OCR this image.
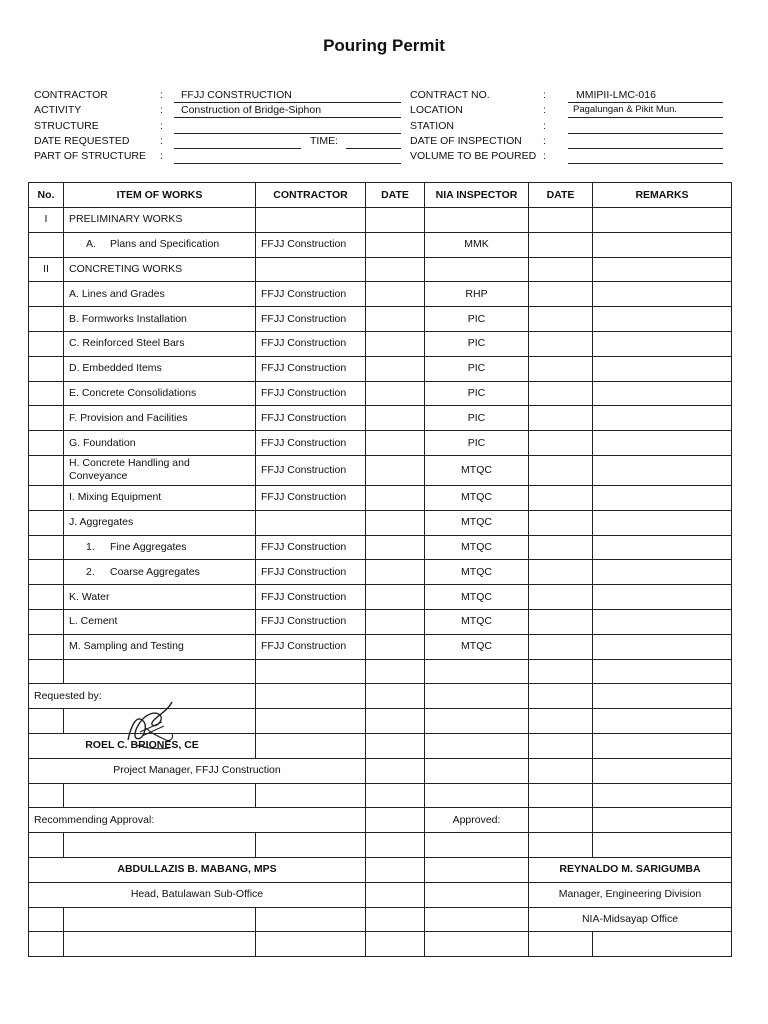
Pouring Permit
CONTRACTOR	: FFJJ CONSTRUCTION
ACTIVITY	: Construction of Bridge-Siphon
STRUCTURE	:
DATE REQUESTED	:	TIME:
PART OF STRUCTURE :
CONTRACT NO.	:	MMIPII-LMC-016
LOCATION	:	Pagalungan & Pikit Mun.
STATION	:
DATE OF INSPECTION :
VOLUME TO BE POURED :
No.	ITEM OF WORKS	CONTRACTOR	DATE	NIA INSPECTOR	DATE	REMARKS
I	PRELIMINARY WORKS					
	A. Plans and Specification	FFJJ Construction		MMK		
II	CONCRETING WORKS					
	A. Lines and Grades	FFJJ Construction		RHP		
	B. Formworks Installation	FFJJ Construction		PIC		
	C. Reinforced Steel Bars	FFJJ Construction		PIC		
	D. Embedded Items	FFJJ Construction		PIC		
	E. Concrete Consolidations	FFJJ Construction		PIC		
	F. Provision and Facilities	FFJJ Construction		PIC		
	G. Foundation	FFJJ Construction		PIC		
	H. Concrete Handling and Conveyance	FFJJ Construction		MTQC		
	I. Mixing Equipment	FFJJ Construction		MTQC		
	J. Aggregates			MTQC		
	1. Fine Aggregates	FFJJ Construction		MTQC		
	2. Coarse Aggregates	FFJJ Construction		MTQC		
	K. Water	FFJJ Construction		MTQC		
	L. Cement	FFJJ Construction		MTQC		
	M. Sampling and Testing	FFJJ Construction		MTQC		

Requested by:						

ROEL C. BRIONES, CE						
Project Manager, FFJJ Construction						

Recommending Approval:				Approved:		

ABDULLAZIS B. MABANG, MPS					REYNALDO M. SARIGUMBA	
Head, Batulawan Sub-Office					Manager, Engineering Division	
					NIA-Midsayap Office	
